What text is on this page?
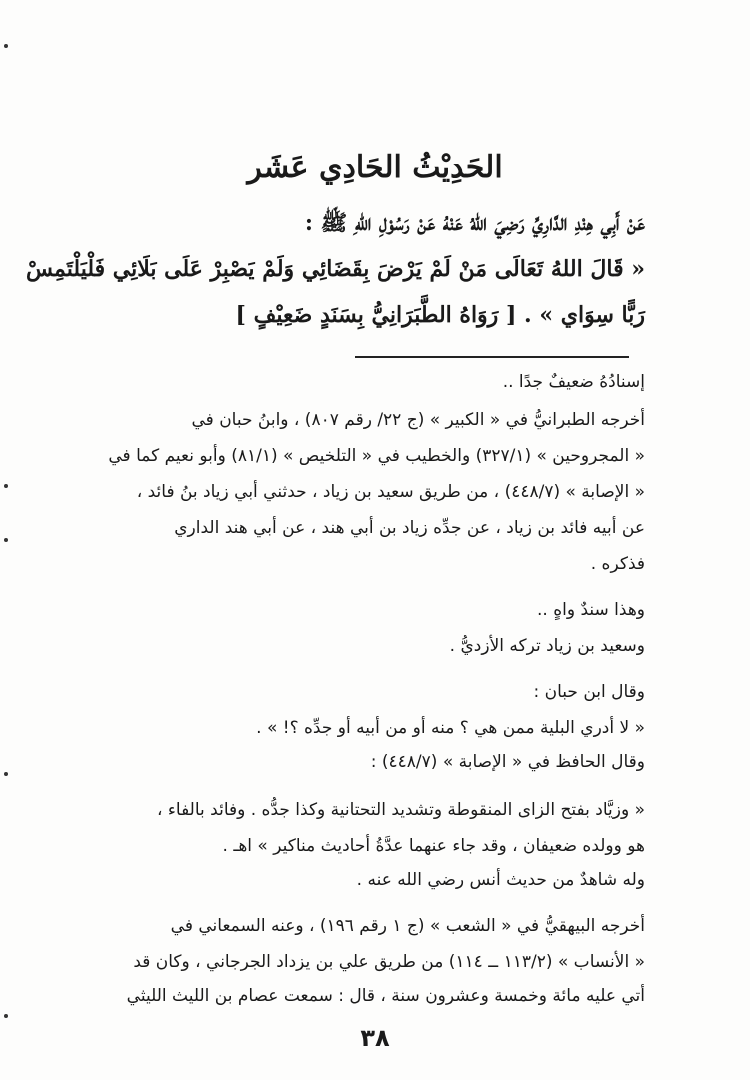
الحَدِيْثُ الحَادِي عَشَر
عَنْ أَبِي هِنْدِ الدَّارِيِّ رَضِيَ اللهُ عَنْهُ عَنْ رَسُوْلِ اللهِ ﷺ :
« قَالَ اللهُ تَعَالَى مَنْ لَمْ يَرْضَ بِقَضَائِي وَلَمْ يَصْبِرْ عَلَى بَلَائِي فَلْيَلْتَمِسْ
رَبًّا سِوَاي » . [ رَوَاهُ الطَّبَرَانِيُّ بِسَنَدٍ ضَعِيْفٍ ]
إسنادُهُ ضعيفٌ جدًا ..
أخرجه الطبرانيُّ في « الكبير » (ج ٢٢/ رقم ٨٠٧) ، وابنُ حبان في
« المجروحين » (٣٢٧/١) والخطيب في « التلخيص » (٨١/١) وأبو نعيم كما في
« الإصابة » (٤٤٨/٧) ، من طريق سعيد بن زياد ، حدثني أبي زياد بنُ فائد ،
عن أبيه فائد بن زياد ، عن جدِّه زياد بن أبي هند ، عن أبي هند الداري
فذكره .
وهذا سندٌ واهٍ ..
وسعيد بن زياد تركه الأزديُّ .
وقال ابن حبان :
« لا أدري البلية ممن هي ؟ منه أو من أبيه أو جدِّه ؟! » .
وقال الحافظ في « الإصابة » (٤٤٨/٧) :
« وزيَّاد بفتح الزاى المنقوطة وتشديد التحتانية وكذا جدُّه . وفائد بالفاء ،
هو وولده ضعيفان ، وقد جاء عنهما عدَّةُ أحاديث مناكير » اهـ .
وله شاهدٌ من حديث أنس رضي الله عنه .
أخرجه البيهقيُّ في « الشعب » (ج ١ رقم ١٩٦) ، وعنه السمعاني في
« الأنساب » (١١٣/٢ ــ ١١٤) من طريق علي بن يزداد الجرجاني ، وكان قد
أتي عليه مائة وخمسة وعشرون سنة ، قال : سمعت عصام بن الليث الليثي
٣٨
